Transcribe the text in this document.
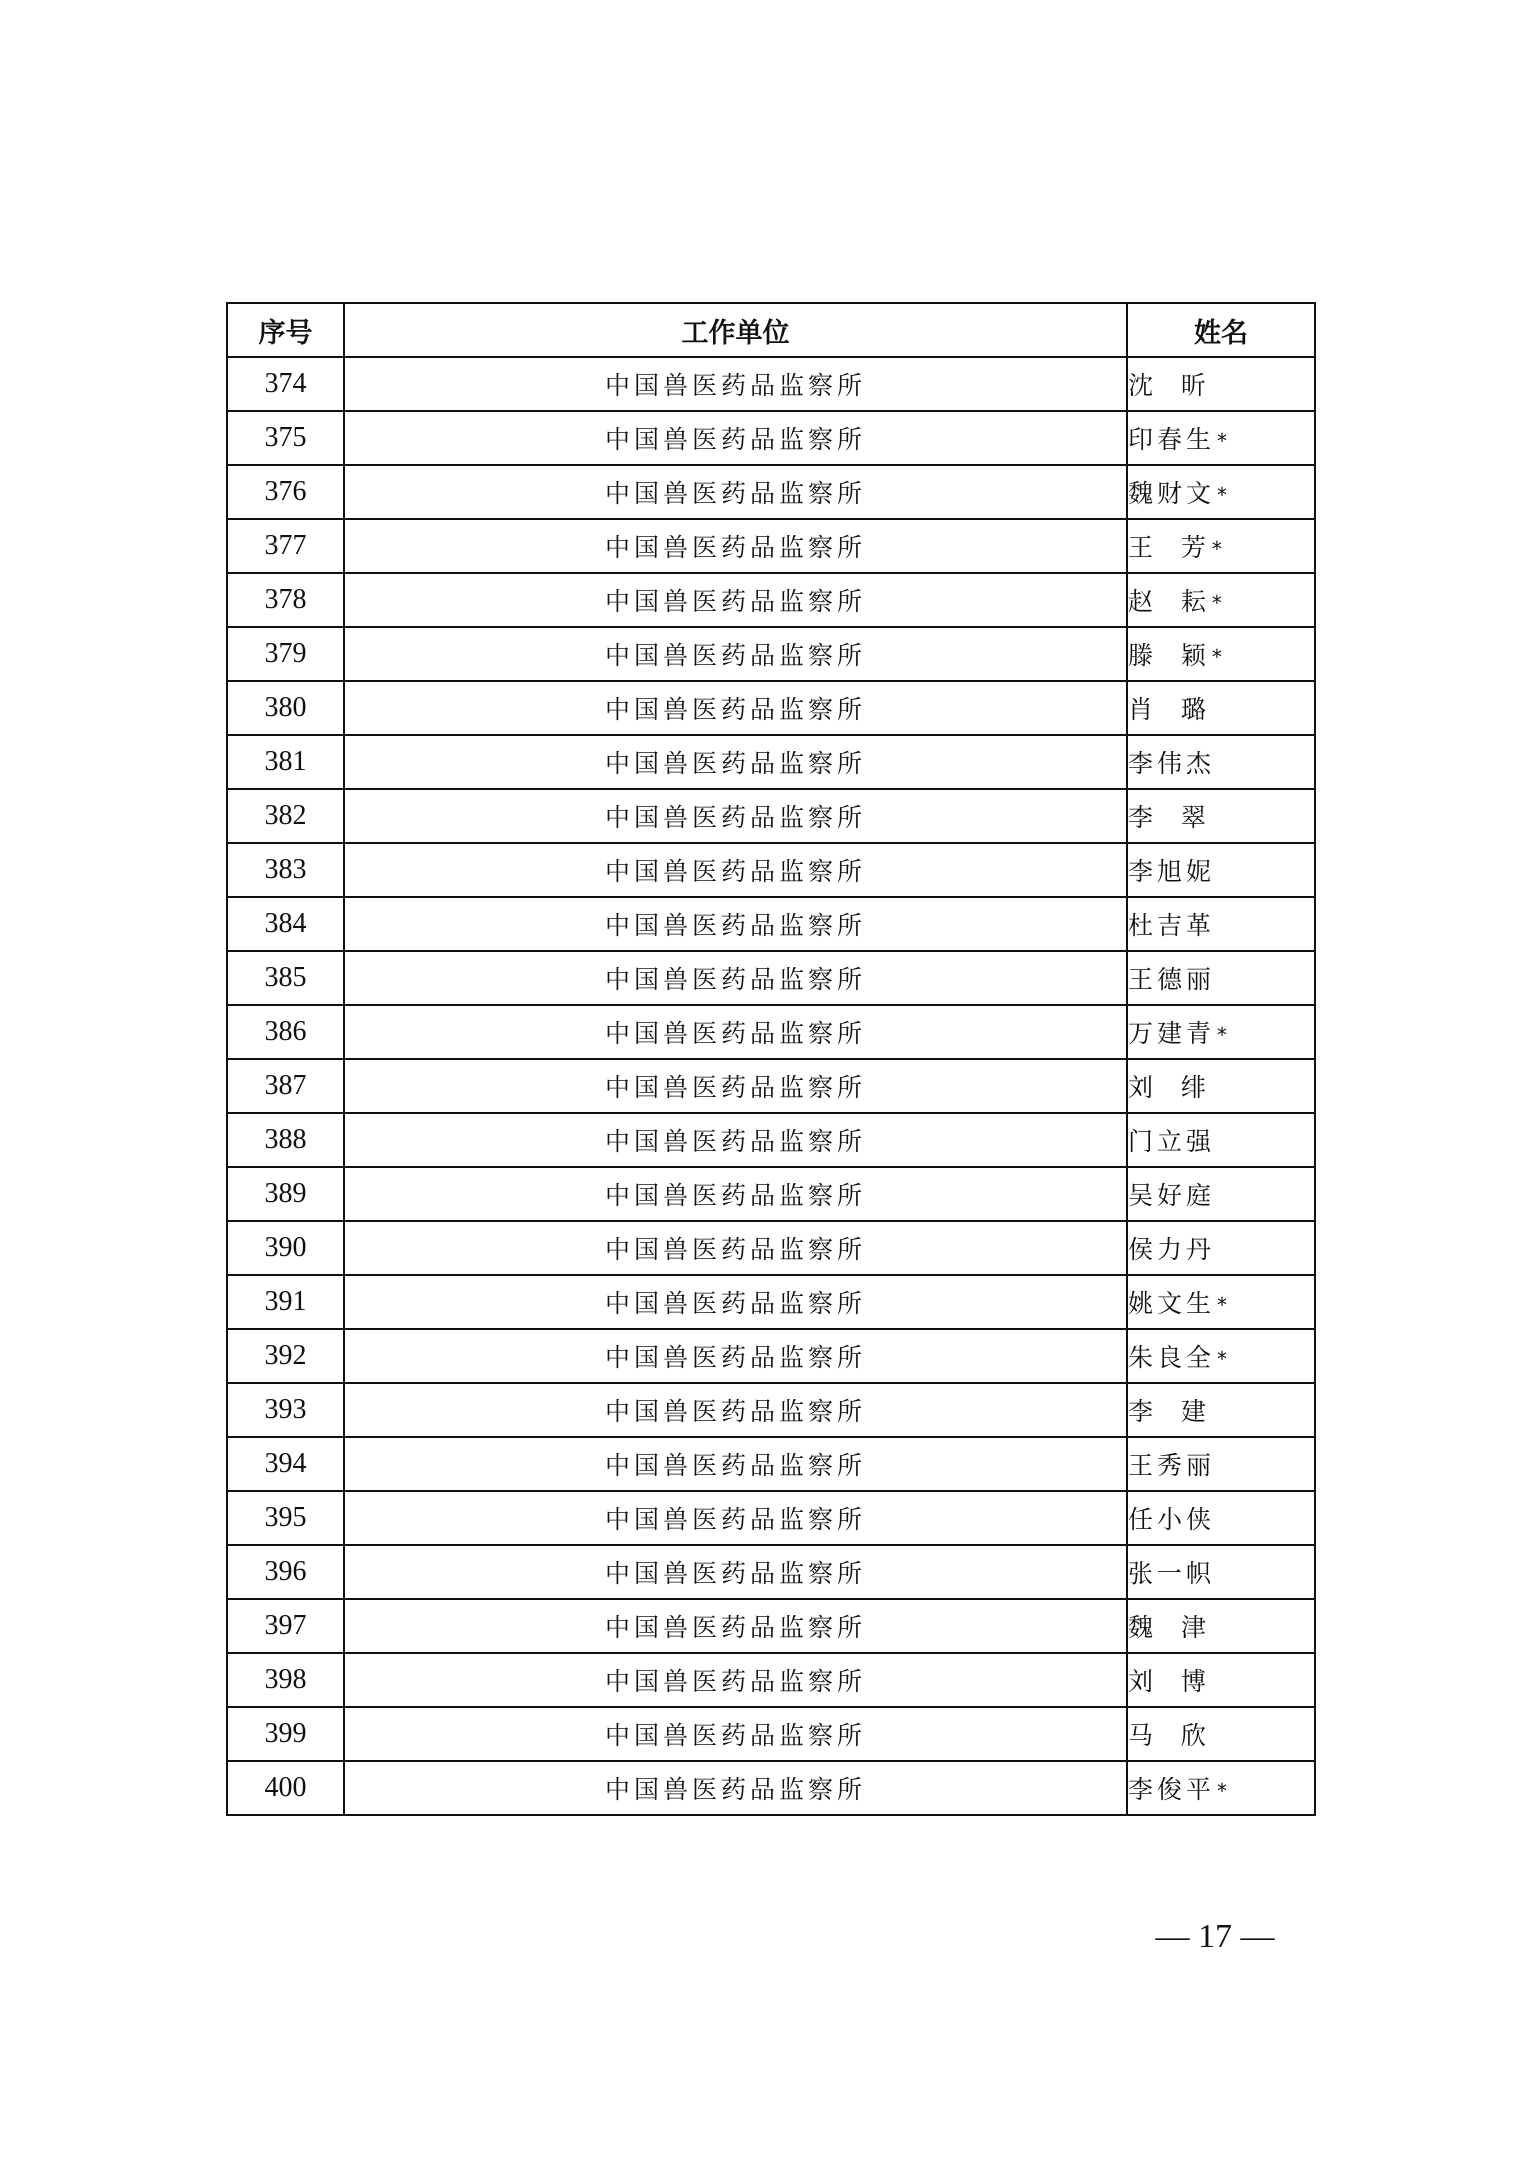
序号	工作单位	姓名
374	中国兽医药品监察所	沈  昕
375	中国兽医药品监察所	印春生 *
376	中国兽医药品监察所	魏财文 *
377	中国兽医药品监察所	王  芳 *
378	中国兽医药品监察所	赵  耘 *
379	中国兽医药品监察所	滕  颖 *
380	中国兽医药品监察所	肖  璐
381	中国兽医药品监察所	李伟杰
382	中国兽医药品监察所	李  翠
383	中国兽医药品监察所	李旭妮
384	中国兽医药品监察所	杜吉革
385	中国兽医药品监察所	王德丽
386	中国兽医药品监察所	万建青 *
387	中国兽医药品监察所	刘  绯
388	中国兽医药品监察所	门立强
389	中国兽医药品监察所	吴好庭
390	中国兽医药品监察所	侯力丹
391	中国兽医药品监察所	姚文生 *
392	中国兽医药品监察所	朱良全 *
393	中国兽医药品监察所	李  建
394	中国兽医药品监察所	王秀丽
395	中国兽医药品监察所	任小侠
396	中国兽医药品监察所	张一帜
397	中国兽医药品监察所	魏  津
398	中国兽医药品监察所	刘  博
399	中国兽医药品监察所	马  欣
400	中国兽医药品监察所	李俊平 *
— 17 —
